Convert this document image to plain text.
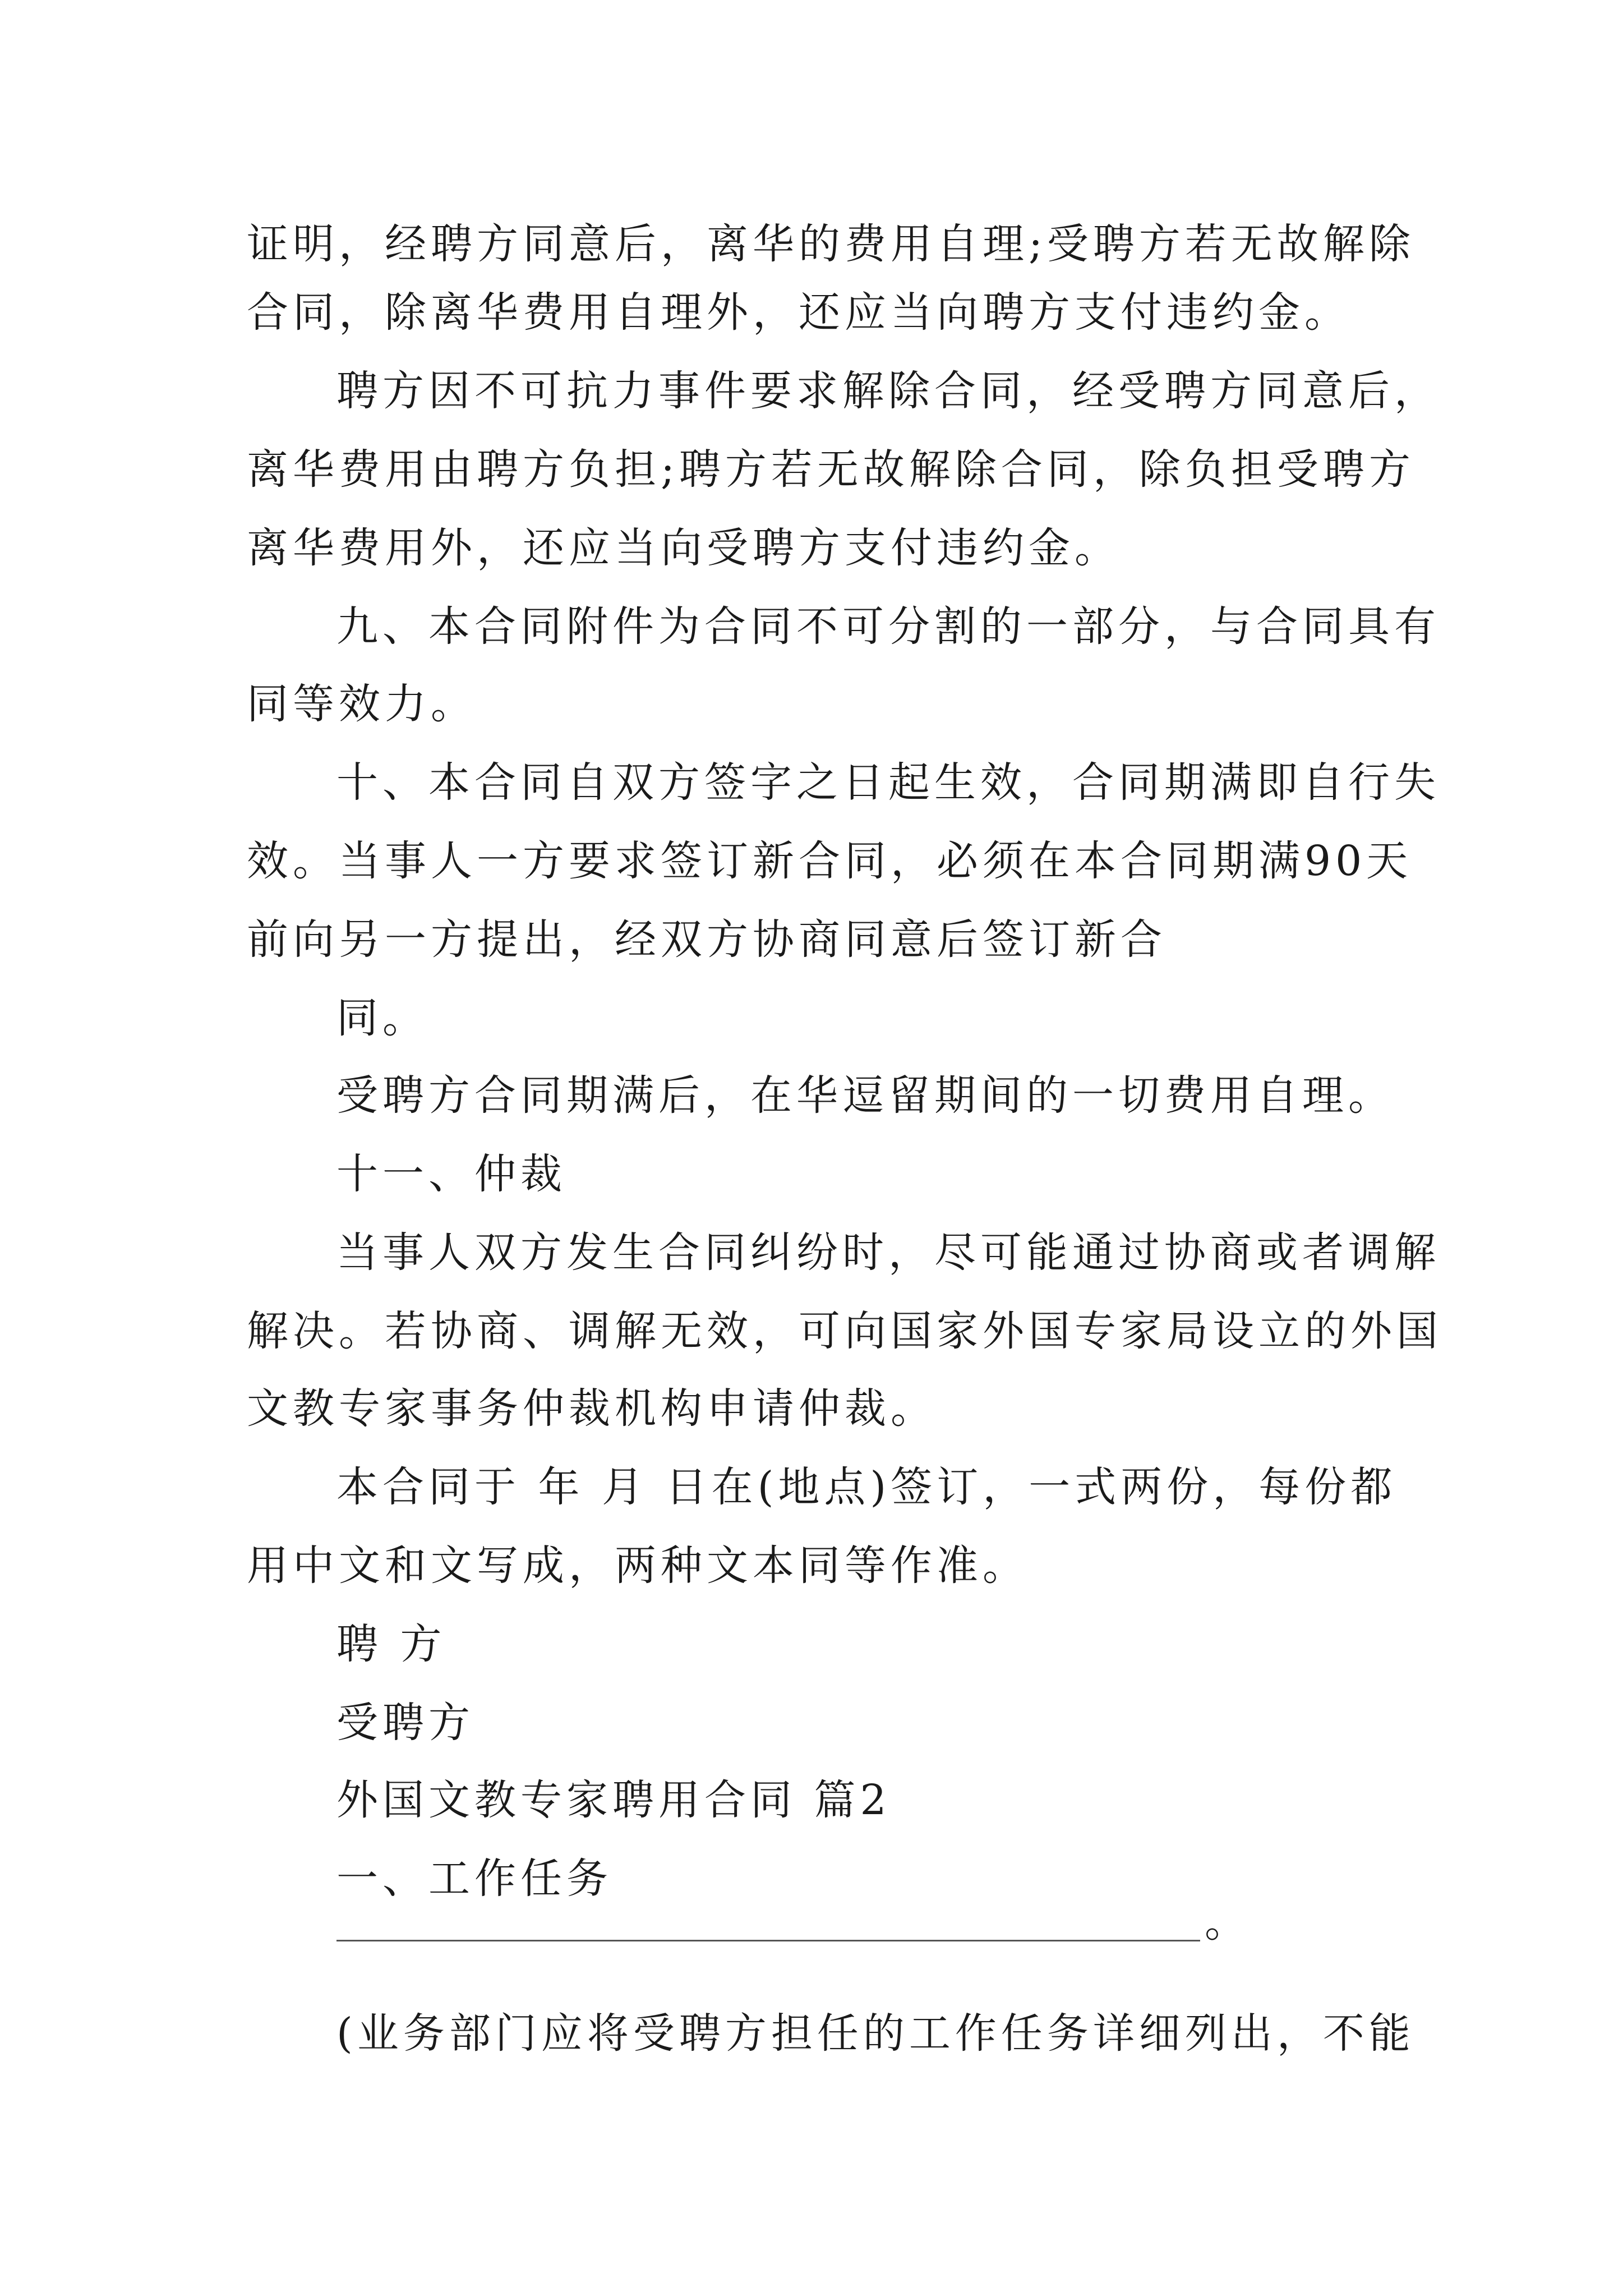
证明，经聘方同意后，离华的费用自理;受聘方若无故解除
合同，除离华费用自理外，还应当向聘方支付违约金。
聘方因不可抗力事件要求解除合同，经受聘方同意后，
离华费用由聘方负担;聘方若无故解除合同，除负担受聘方
离华费用外，还应当向受聘方支付违约金。
九、本合同附件为合同不可分割的一部分，与合同具有
同等效力。
十、本合同自双方签字之日起生效，合同期满即自行失
效。当事人一方要求签订新合同，必须在本合同期满90天
前向另一方提出，经双方协商同意后签订新合
同。
受聘方合同期满后，在华逗留期间的一切费用自理。
十一、仲裁
当事人双方发生合同纠纷时，尽可能通过协商或者调解
解决。若协商、调解无效，可向国家外国专家局设立的外国
文教专家事务仲裁机构申请仲裁。
本合同于 年 月 日在(地点)签订，一式两份，每份都
用中文和文写成，两种文本同等作准。
聘 方
受聘方
外国文教专家聘用合同 篇2
一、工作任务
。
(业务部门应将受聘方担任的工作任务详细列出，不能
